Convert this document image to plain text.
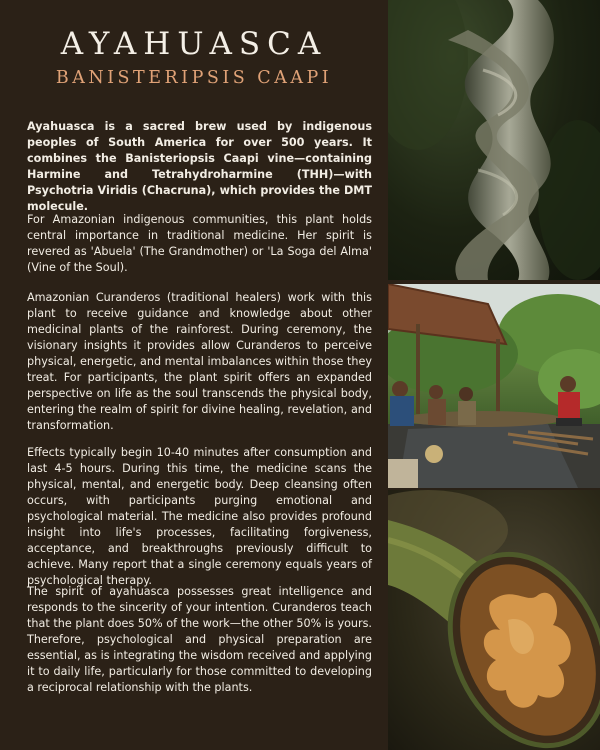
AYAHUASCA
BANISTERIPSIS CAAPI

Ayahuasca is a sacred brew used by indigenous peoples of South America for over 500 years. It combines the Banisteriopsis Caapi vine—containing Harmine and Tetrahydroharmine (THH)—with Psychotria Viridis (Chacruna), which provides the DMT molecule.

For Amazonian indigenous communities, this plant holds central importance in traditional medicine. Her spirit is revered as 'Abuela' (The Grandmother) or 'La Soga del Alma' (Vine of the Soul).

Amazonian Curanderos (traditional healers) work with this plant to receive guidance and knowledge about other medicinal plants of the rainforest. During ceremony, the visionary insights it provides allow Curanderos to perceive physical, energetic, and mental imbalances within those they treat. For participants, the plant spirit offers an expanded perspective on life as the soul transcends the physical body, entering the realm of spirit for divine healing, revelation, and transformation.

Effects typically begin 10-40 minutes after consumption and last 4-5 hours. During this time, the medicine scans the physical, mental, and energetic body. Deep cleansing often occurs, with participants purging emotional and psychological material. The medicine also provides profound insight into life's processes, facilitating forgiveness, acceptance, and breakthroughs previously difficult to achieve. Many report that a single ceremony equals years of psychological therapy.

The spirit of ayahuasca possesses great intelligence and responds to the sincerity of your intention. Curanderos teach that the plant does 50% of the work—the other 50% is yours. Therefore, psychological and physical preparation are essential, as is integrating the wisdom received and applying it to daily life, particularly for those committed to developing a reciprocal relationship with the plants.
